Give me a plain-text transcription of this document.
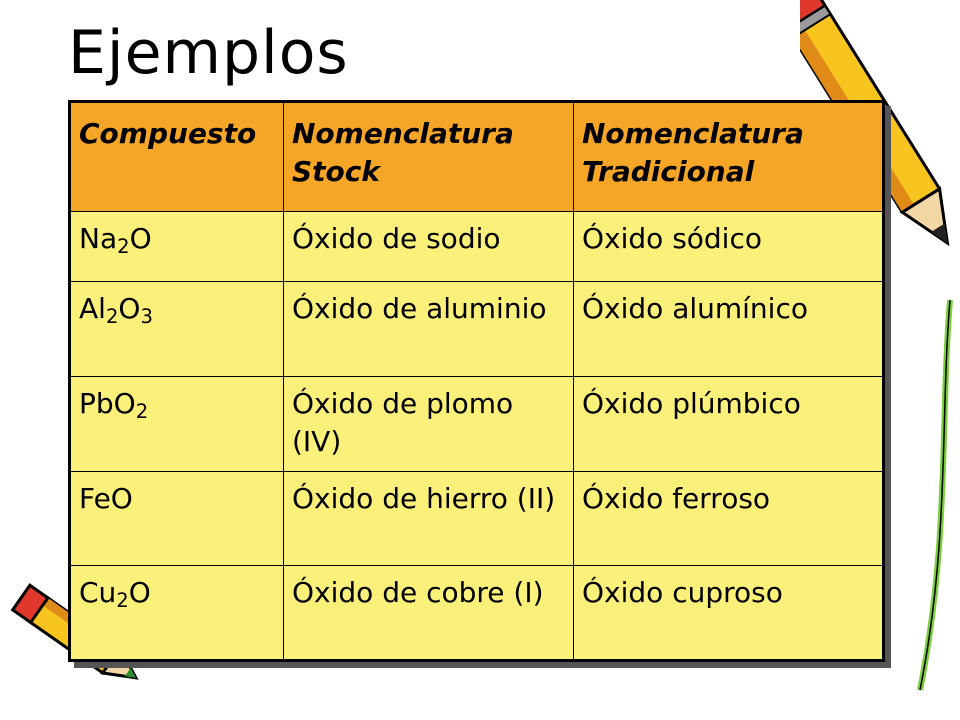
Ejemplos
Compuesto	Nomenclatura Stock	Nomenclatura Tradicional
$Na_2O$	Óxido de sodio	Óxido sódico
$Al_2O_3$	Óxido de aluminio	Óxido alumínico
PbO$_2$	Óxido de plomo (IV)	Óxido plúmbico
FeO	Óxido de hierro (II)	Óxido ferroso
$Cu_2O$	Óxido de cobre (I)	Óxido cuproso
